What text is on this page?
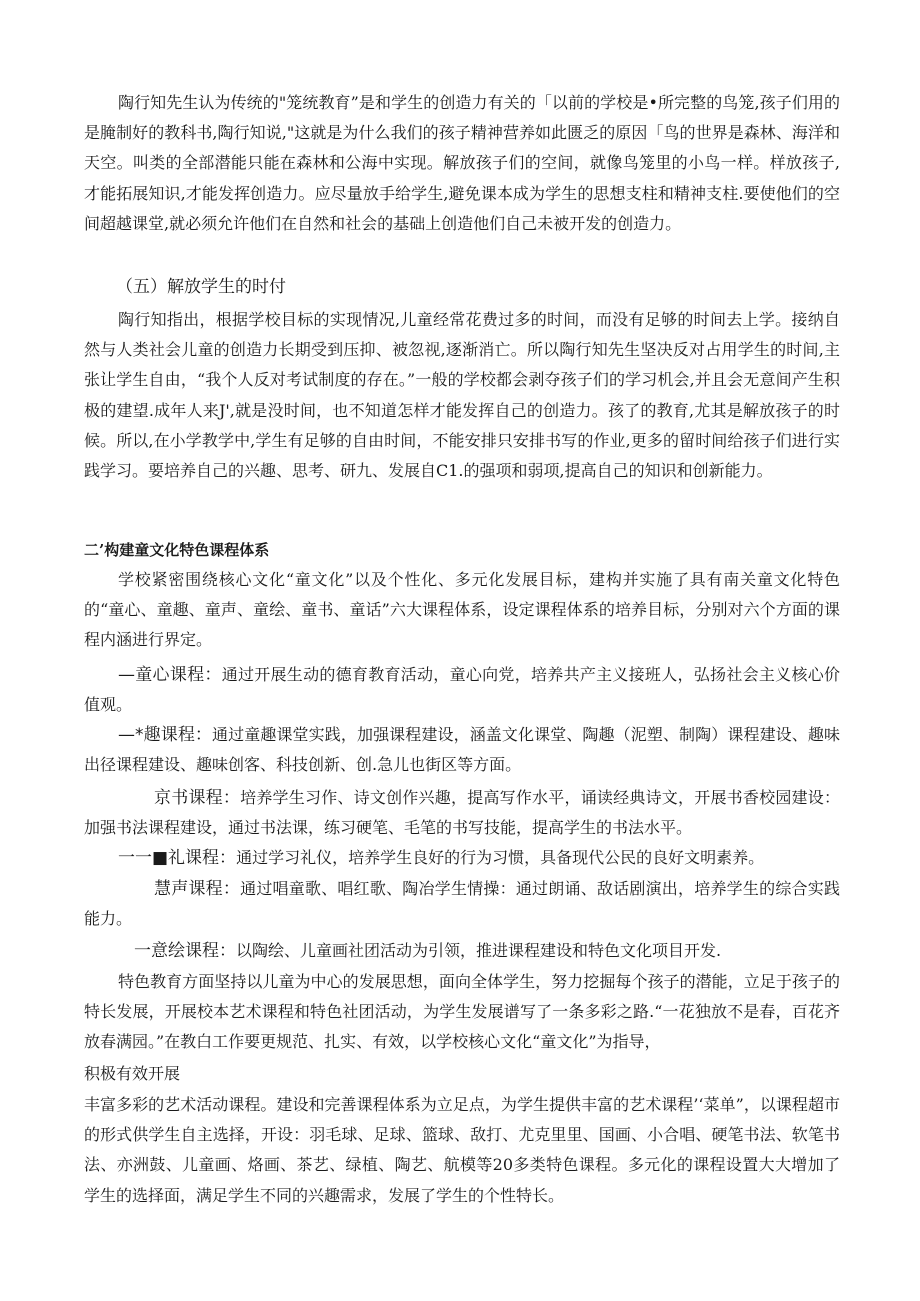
陶行知先生认为传统的"笼统教育”是和学生的创造力有关的「以前的学校是•所完整的鸟笼,孩子们用的是腌制好的教科书,陶行知说,"这就是为什么我们的孩子精神营养如此匮乏的原因「鸟的世界是森林、海洋和天空。叫类的全部潜能只能在森林和公海中实现。解放孩子们的空间，就像鸟笼里的小鸟一样。样放孩子,才能拓展知识,才能发挥创造力。应尽量放手给学生,避免课本成为学生的思想支柱和精神支柱.要使他们的空间超越课堂,就必须允许他们在自然和社会的基础上创造他们自己未被开发的创造力。

（五）解放学生的时付

陶行知指出，根据学校目标的实现情况,儿童经常花费过多的时间，而没有足够的时间去上学。接纳自然与人类社会儿童的创造力长期受到压抑、被忽视,逐渐消亡。所以陶行知先生坚决反对占用学生的时间,主张让学生自由，“我个人反对考试制度的存在。”一般的学校都会剥夺孩子们的学习机会,并且会无意间产生积极的建望.成年人来J',就是没时间，也不知道怎样才能发挥自己的创造力。孩了的教育,尤其是解放孩子的时候。所以,在小学教学中,学生有足够的自由时间，不能安排只安排书写的作业,更多的留时间给孩子们进行实践学习。要培养自己的兴趣、思考、研九、发展自C1.的强项和弱项,提高自己的知识和创新能力。

二’构建童文化特色课程体系

学校紧密围绕核心文化“童文化”以及个性化、多元化发展目标，建构并实施了具有南关童文化特色的“童心、童趣、童声、童绘、童书、童话”六大课程体系，设定课程体系的培养目标，分别对六个方面的课程内涵进行界定。

—童心课程：通过开展生动的德育教育活动，童心向党，培养共产主义接班人，弘扬社会主义核心价值观。

—*趣课程：通过童趣课堂实践，加强课程建设，涵盖文化课堂、陶趣（泥塑、制陶）课程建设、趣味出径课程建设、趣味创客、科技创新、创.急儿也街区等方面。

京书课程：培养学生习作、诗文创作兴趣，提高写作水平，诵读经典诗文，开展书香校园建设：加强书法课程建设，通过书法课，练习硬笔、毛笔的书写技能，提高学生的书法水平。

一一■礼课程：通过学习礼仪，培养学生良好的行为习惯，具备现代公民的良好文明素养。

慧声课程：通过唱童歌、唱红歌、陶冶学生情操：通过朗诵、敌话剧演出，培养学生的综合实践能力。

一意绘课程：以陶绘、儿童画社团活动为引领，推进课程建设和特色文化项目开发.

特色教育方面坚持以儿童为中心的发展思想，面向全体学生，努力挖掘每个孩子的潜能，立足于孩子的特长发展，开展校本艺术课程和特色社团活动，为学生发展谱写了一条多彩之路.“一花独放不是春，百花齐放春满园。”在教白工作要更规范、扎实、有效，以学校核心文化“童文化”为指导，

积极有效开展

丰富多彩的艺术活动课程。建设和完善课程体系为立足点，为学生提供丰富的艺术课程’‘菜单”，以课程超市的形式供学生自主选择，开设：羽毛球、足球、篮球、敌打、尤克里里、国画、小合唱、硬笔书法、软笔书法、亦洲鼓、儿童画、烙画、茶艺、绿植、陶艺、航模等20多类特色课程。多元化的课程设置大大增加了学生的选择面，满足学生不同的兴趣需求，发展了学生的个性特长。
